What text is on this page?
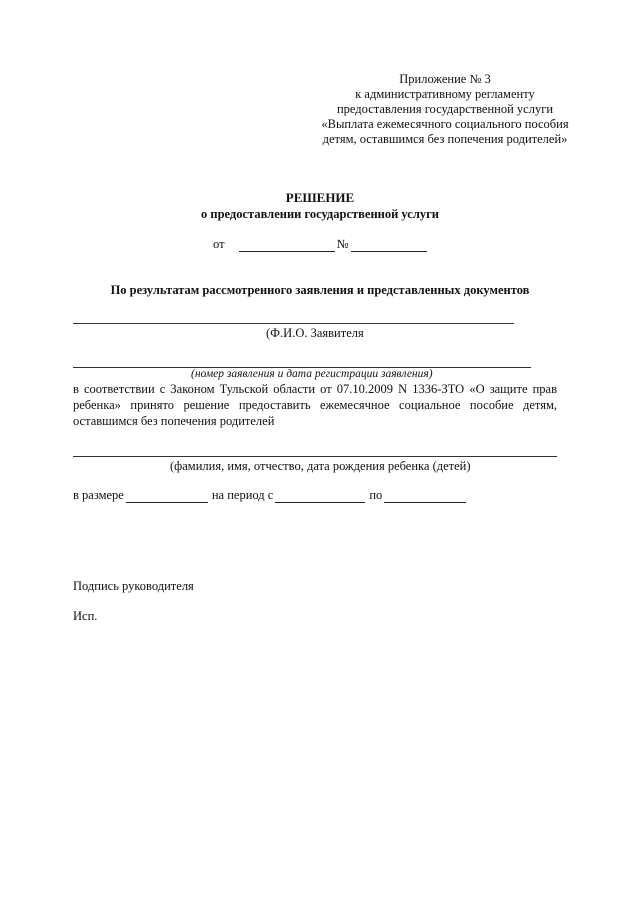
Приложение № 3
к административному регламенту
предоставления государственной услуги
«Выплата ежемесячного социального пособия
детям, оставшимся без попечения родителей»
РЕШЕНИЕ
о предоставлении государственной услуги
от	№
По результатам рассмотренного заявления и представленных документов
(Ф.И.О. Заявителя
(номер заявления и дата регистрации заявления)
в соответствии с Законом Тульской области от 07.10.2009 N 1336-ЗТО «О защите прав ребенка» принято решение предоставить ежемесячное социальное пособие детям, оставшимся без попечения родителей
(фамилия, имя, отчество, дата рождения ребенка (детей)
в размере	на период с	по
Подпись руководителя
Исп.
